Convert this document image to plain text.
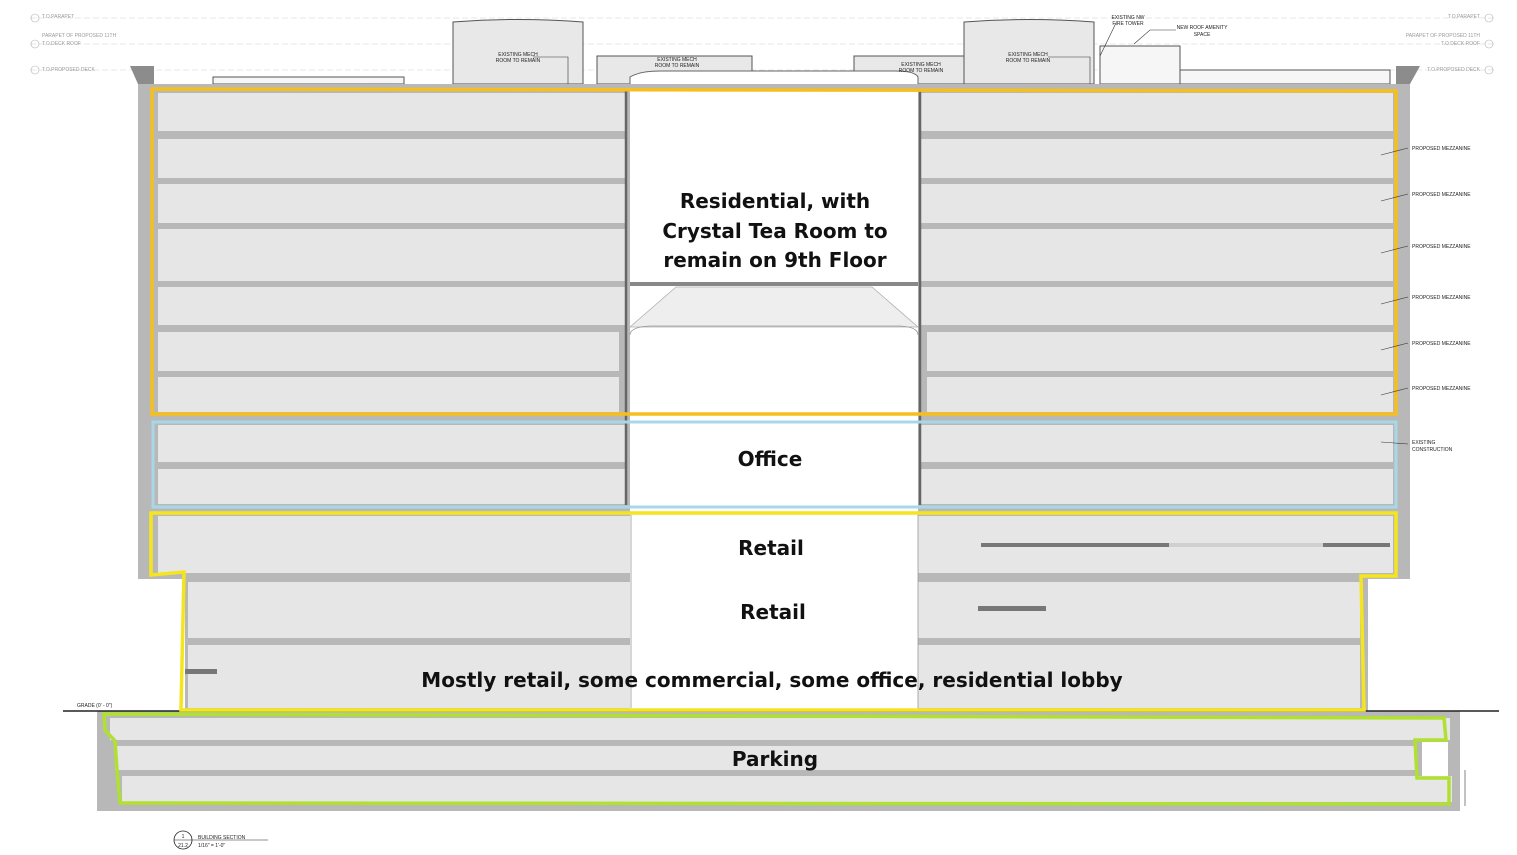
T.O.PARAPET
PARAPET OF PROPOSED 11TH
T.O.DECK ROOF
T.O.PROPOSED DECK
T.O.PARAPET
PARAPET OF PROPOSED 11TH
T.O.DECK ROOF
T.O.PROPOSED DECK
GRADE (0' - 0")
Residential, with
Crystal Tea Room to
remain on 9th Floor
Office
Retail
Retail
Mostly retail, some commercial, some office, residential lobby
Parking
EXISTING MECH
ROOM TO REMAIN	EXISTING MECH
ROOM TO REMAIN	EXISTING MECH
ROOM TO REMAIN
EXISTING MECH
ROOM TO REMAIN
EXISTING NW
FIRE TOWER
NEW ROOF AMENITY
SPACE
PROPOSED MEZZANINE
PROPOSED MEZZANINE
PROPOSED MEZZANINE
PROPOSED MEZZANINE
PROPOSED MEZZANINE
PROPOSED MEZZANINE
EXISTING
CONSTRUCTION
1
21.2
BUILDING SECTION
1/16" = 1'-0"
